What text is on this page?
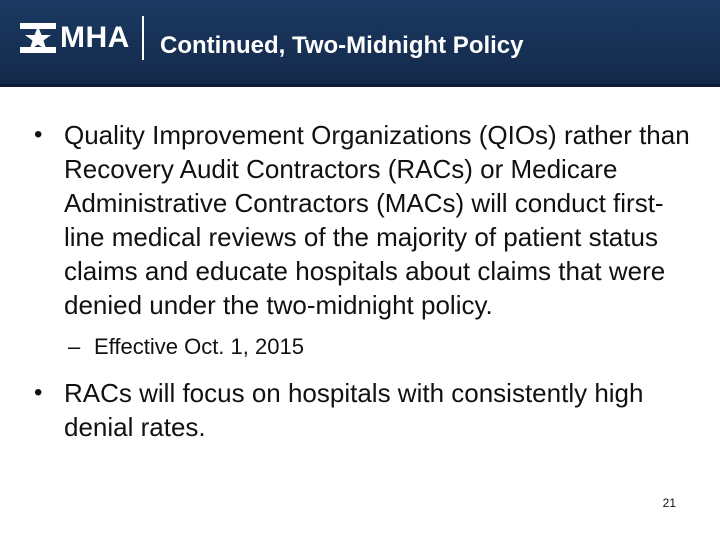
MHA Continued, Two-Midnight Policy
• Quality Improvement Organizations (QIOs) rather than Recovery Audit Contractors (RACs) or Medicare Administrative Contractors (MACs) will conduct first-line medical reviews of the majority of patient status claims and educate hospitals about claims that were denied under the two-midnight policy.
– Effective Oct. 1, 2015
• RACs will focus on hospitals with consistently high denial rates.
21
